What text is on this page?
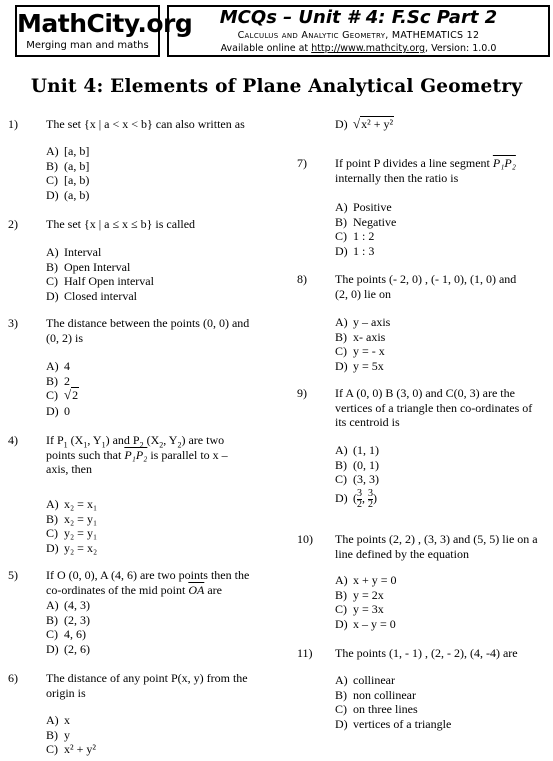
MathCity.org
Merging man and maths
MCQs – Unit # 4: F.Sc Part 2
Calculus and Analytic Geometry, MATHEMATICS 12
Available online at http://www.mathcity.org, Version: 1.0.0
Unit 4: Elements of Plane Analytical Geometry
1) The set {x | a < x < b} can also written as
A) [a, b]
B) (a, b]
C) [a, b)
D) (a, b)
2) The set {x | a ≤ x ≤ b} is called
A) Interval
B) Open Interval
C) Half Open interval
D) Closed interval
3) The distance between the points (0, 0) and
(0, 2) is
A) 4
B) 2
C) √2
D) 0
4) If $P_1$ ($X_1$, $Y_1$) and $P_2$ ($X_2$, $Y_2$) are two
points such that P₁P₂ is parallel to x –
axis, then
A) x₂ = x₁
B) x₂ = y₁
C) y₂ = y₁
D) y₂ = x₂
5) If O (0, 0), A (4, 6) are two points then the
co-ordinates of the mid point $\overline{OA}$ are
A) (4, 3)
B) (2, 3)
C) 4, 6)
D) (2, 6)
6) The distance of any point P(x, y) from the
origin is
A) x
B) y
C) x² + y²
D) √x² + y²
7) If point P divides a line segment P₁P₂
internally then the ratio is
A) Positive
B) Negative
C) 1 : 2
D) 1 : 3
8) The points (- 2, 0) , (- 1, 0), (1, 0) and
(2, 0) lie on
A) y – axis
B) x- axis
C) y = - x
D) y = 5x
9) If A (0, 0) B (3, 0) and C(0, 3) are the
vertices of a triangle then co-ordinates of
its centroid is
A) (1, 1)
B) (0, 1)
C) (3, 3)
D) ( $\frac{3}{2}$ , $\frac{3}{2}$ )
10) The points (2, 2) , (3, 3) and (5, 5) lie on a
line defined by the equation
A) x + y = 0
B) y = 2x
C) y = 3x
D) x – y = 0
11) The points (1, - 1) , (2, - 2), (4, -4) are
A) collinear
B) non collinear
C) on three lines
D) vertices of a triangle
